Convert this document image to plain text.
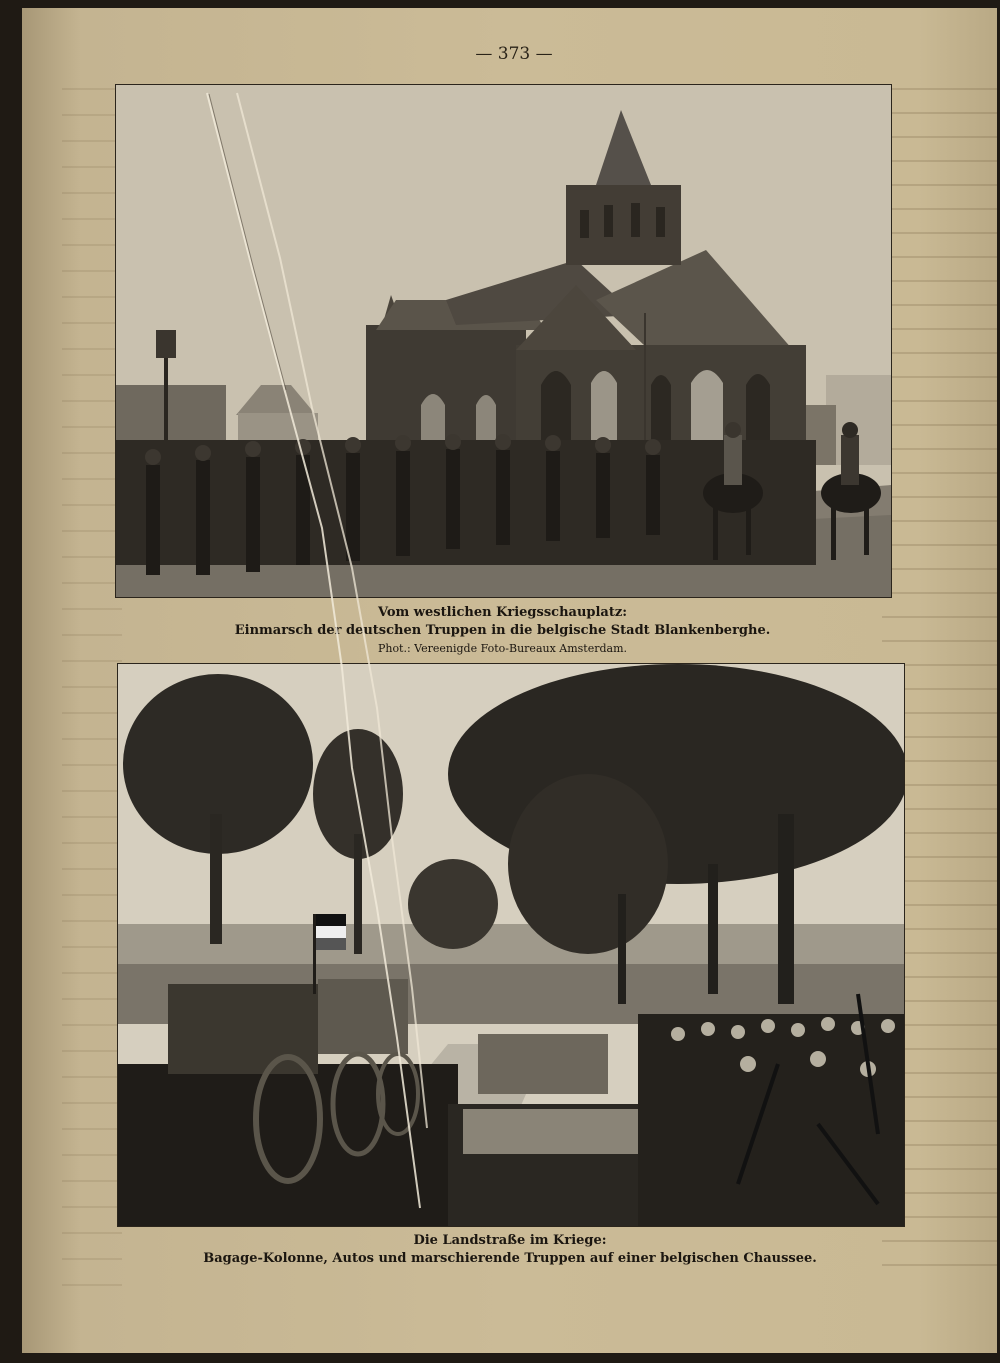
— 373 —
Vom westlichen Kriegsschauplatz:
Einmarsch der deutschen Truppen in die belgische Stadt Blankenberghe.
Phot.: Vereenigde Foto-Bureaux Amsterdam.
Die Landstraße im Kriege:
Bagage-Kolonne, Autos und marschierende Truppen auf einer belgischen Chaussee.
